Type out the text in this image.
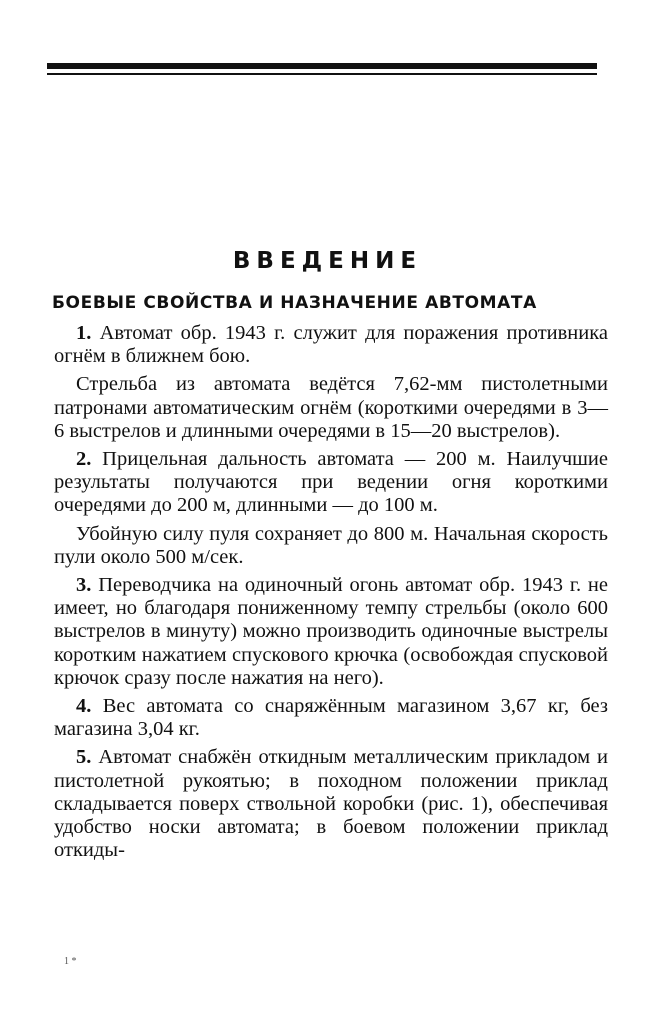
ВВЕДЕНИЕ
БОЕВЫЕ СВОЙСТВА И НАЗНАЧЕНИЕ АВТОМАТА

1. Автомат обр. 1943 г. служит для поражения противника огнём в ближнем бою.

Стрельба из автомата ведётся 7,62-мм пистолетными патронами автоматическим огнём (короткими очередями в 3—6 выстрелов и длинными очередями в 15—20 выстрелов).

2. Прицельная дальность автомата — 200 м. Наилучшие результаты получаются при ведении огня короткими очередями до 200 м, длинными — до 100 м.

Убойную силу пуля сохраняет до 800 м. Начальная скорость пули около 500 м/сек.

3. Переводчика на одиночный огонь автомат обр. 1943 г. не имеет, но благодаря пониженному темпу стрельбы (около 600 выстрелов в минуту) можно производить одиночные выстрелы коротким нажатием спускового крючка (освобождая спусковой крючок сразу после нажатия на него).

4. Вес автомата со снаряжённым магазином 3,67 кг, без магазина 3,04 кг.

5. Автомат снабжён откидным металлическим прикладом и пистолетной рукоятью; в походном положении приклад складывается поверх ствольной коробки (рис. 1), обеспечивая удобство носки автомата; в боевом положении приклад откиды-

1 *
